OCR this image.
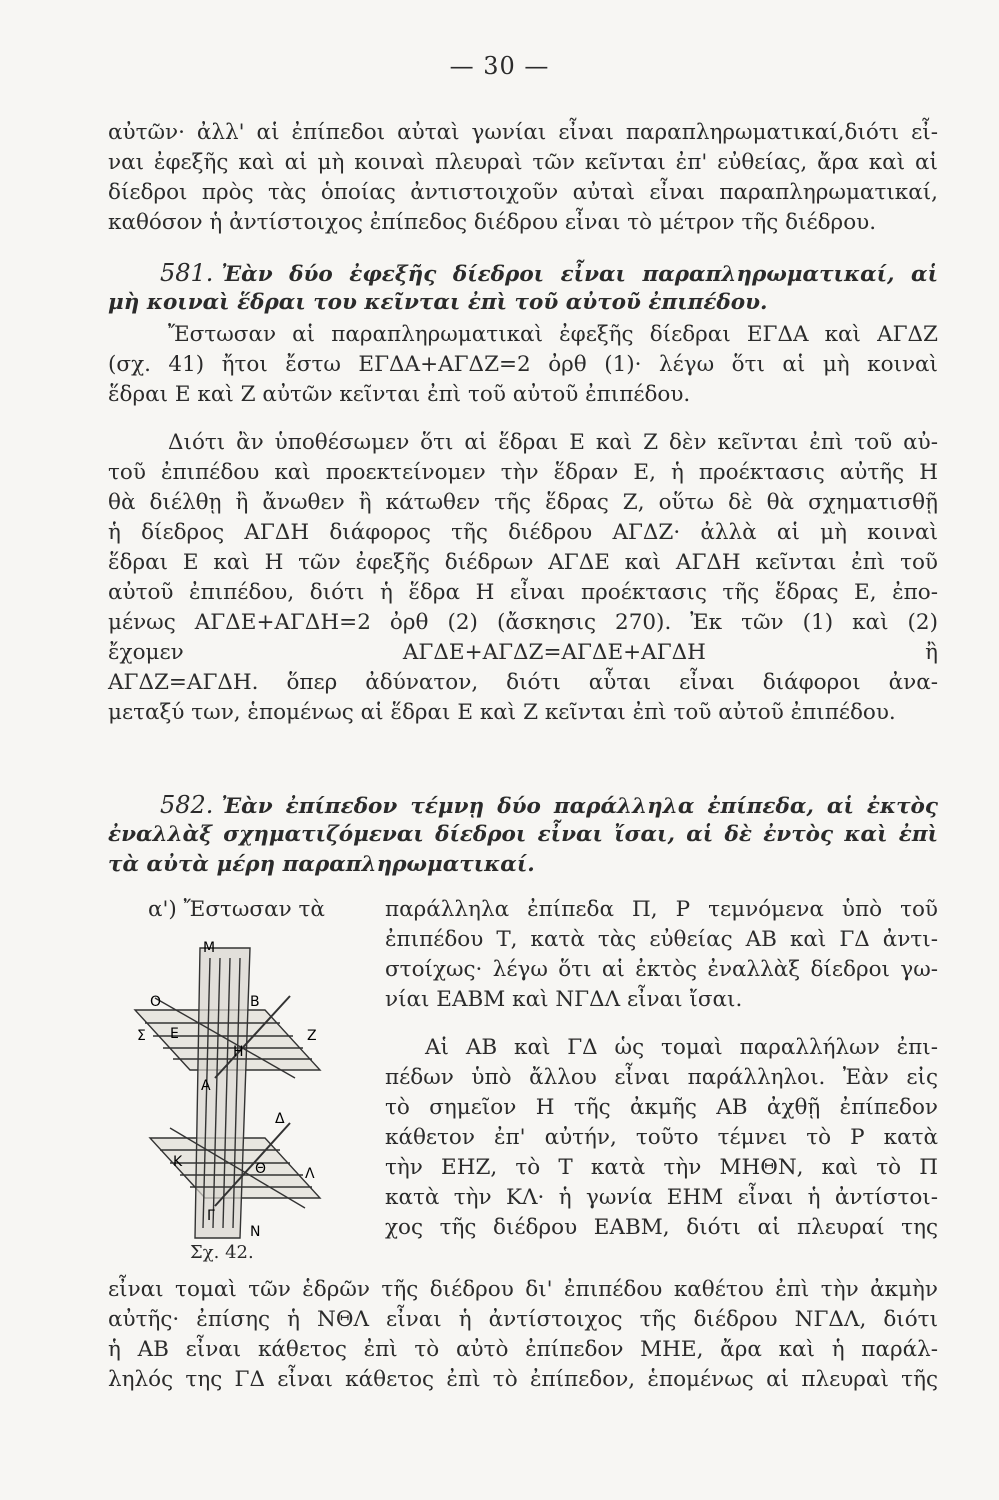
— 30 —
αὐτῶν· ἀλλ' αἱ ἐπίπεδοι αὐταὶ γωνίαι εἶναι παραπληρωματικαί,διότι εἶ-
ναι ἐφεξῆς καὶ αἱ μὴ κοιναὶ πλευραὶ τῶν κεῖνται ἐπ' εὐθείας, ἄρα καὶ αἱ
δίεδροι πρὸς τὰς ὁποίας ἀντιστοιχοῦν αὐταὶ εἶναι παραπληρωματικαί,
καθόσον ἡ ἀντίστοιχος ἐπίπεδος διέδρου εἶναι τὸ μέτρον τῆς διέδρου.
581. Ἐὰν δύο ἐφεξῆς δίεδροι εἶναι παραπληρωματικαί, αἱ
μὴ κοιναὶ ἕδραι του κεῖνται ἐπὶ τοῦ αὐτοῦ ἐπιπέδου.
Ἔστωσαν αἱ παραπληρωματικαὶ ἐφεξῆς δίεδραι ΕΓΔΑ καὶ ΑΓΔΖ
(σχ. 41) ἤτοι ἔστω ΕΓΔΑ+ΑΓΔΖ=2 ὀρθ (1)· λέγω ὅτι αἱ μὴ κοιναὶ
ἕδραι Ε καὶ Ζ αὐτῶν κεῖνται ἐπὶ τοῦ αὐτοῦ ἐπιπέδου.
Διότι ἂν ὑποθέσωμεν ὅτι αἱ ἕδραι Ε καὶ Ζ δὲν κεῖνται ἐπὶ τοῦ αὐ-
τοῦ ἐπιπέδου καὶ προεκτείνομεν τὴν ἕδραν Ε, ἡ προέκτασις αὐτῆς Η
θὰ διέλθῃ ἢ ἄνωθεν ἢ κάτωθεν τῆς ἕδρας Ζ, οὕτω δὲ θὰ σχηματισθῇ
ἡ δίεδρος ΑΓΔΗ διάφορος τῆς διέδρου ΑΓΔΖ· ἀλλὰ αἱ μὴ κοιναὶ
ἕδραι Ε καὶ Η τῶν ἐφεξῆς διέδρων ΑΓΔΕ καὶ ΑΓΔΗ κεῖνται ἐπὶ τοῦ
αὐτοῦ ἐπιπέδου, διότι ἡ ἕδρα Η εἶναι προέκτασις τῆς ἕδρας Ε, ἐπο-
μένως ΑΓΔΕ+ΑΓΔΗ=2 ὀρθ (2) (ἄσκησις 270). Ἐκ τῶν (1) καὶ (2)
ἔχομεν ΑΓΔΕ+ΑΓΔΖ=ΑΓΔΕ+ΑΓΔΗ ἢ
ΑΓΔΖ=ΑΓΔΗ. ὅπερ ἀδύνατον, διότι αὗται εἶναι διάφοροι ἀνα-
μεταξύ των, ἑπομένως αἱ ἕδραι Ε καὶ Ζ κεῖνται ἐπὶ τοῦ αὐτοῦ ἐπιπέδου.
582. Ἐὰν ἐπίπεδον τέμνῃ δύο παράλληλα ἐπίπεδα, αἱ ἐκτὸς
ἐναλλὰξ σχηματιζόμεναι δίεδροι εἶναι ἴσαι, αἱ δὲ ἐντὸς καὶ ἐπὶ
τὰ αὐτὰ μέρη παραπληρωματικαί.
α') Ἔστωσαν τὰ	παράλληλα ἐπίπεδα Π, Ρ τεμνόμενα ὑπὸ τοῦ
ἐπιπέδου Τ, κατὰ τὰς εὐθείας ΑΒ καὶ ΓΔ ἀντι-
στοίχως· λέγω ὅτι αἱ ἐκτὸς ἐναλλὰξ δίεδροι γω-
νίαι ΕΑΒΜ καὶ ΝΓΔΛ εἶναι ἴσαι.
Αἱ ΑΒ καὶ ΓΔ ὡς τομαὶ παραλλήλων ἐπι-
πέδων ὑπὸ ἄλλου εἶναι παράλληλοι. Ἐὰν εἰς
τὸ σημεῖον Η τῆς ἀκμῆς ΑΒ ἀχθῇ ἐπίπεδον
κάθετον ἐπ' αὐτήν, τοῦτο τέμνει τὸ Ρ κατὰ
τὴν ΕΗΖ, τὸ Τ κατὰ τὴν ΜΗΘΝ, καὶ τὸ Π
κατὰ τὴν ΚΛ· ἡ γωνία ΕΗΜ εἶναι ἡ ἀντίστοι-
χος τῆς διέδρου ΕΑΒΜ, διότι αἱ πλευραί της
εἶναι τομαὶ τῶν ἑδρῶν τῆς διέδρου δι' ἐπιπέδου καθέτου ἐπὶ τὴν ἀκμὴν
αὐτῆς· ἐπίσης ἡ ΝΘΛ εἶναι ἡ ἀντίστοιχος τῆς διέδρου ΝΓΔΛ, διότι
ἡ ΑΒ εἶναι κάθετος ἐπὶ τὸ αὐτὸ ἐπίπεδον ΜΗΕ, ἄρα καὶ ἡ παράλ-
ληλός της ΓΔ εἶναι κάθετος ἐπὶ τὸ ἐπίπεδον, ἑπομένως αἱ πλευραὶ τῆς
Μ
Ο	Β
Σ Ε	Ζ
Η
Α
Δ
Κ	Θ	Λ
Γ
Ν
Σχ. 42.
